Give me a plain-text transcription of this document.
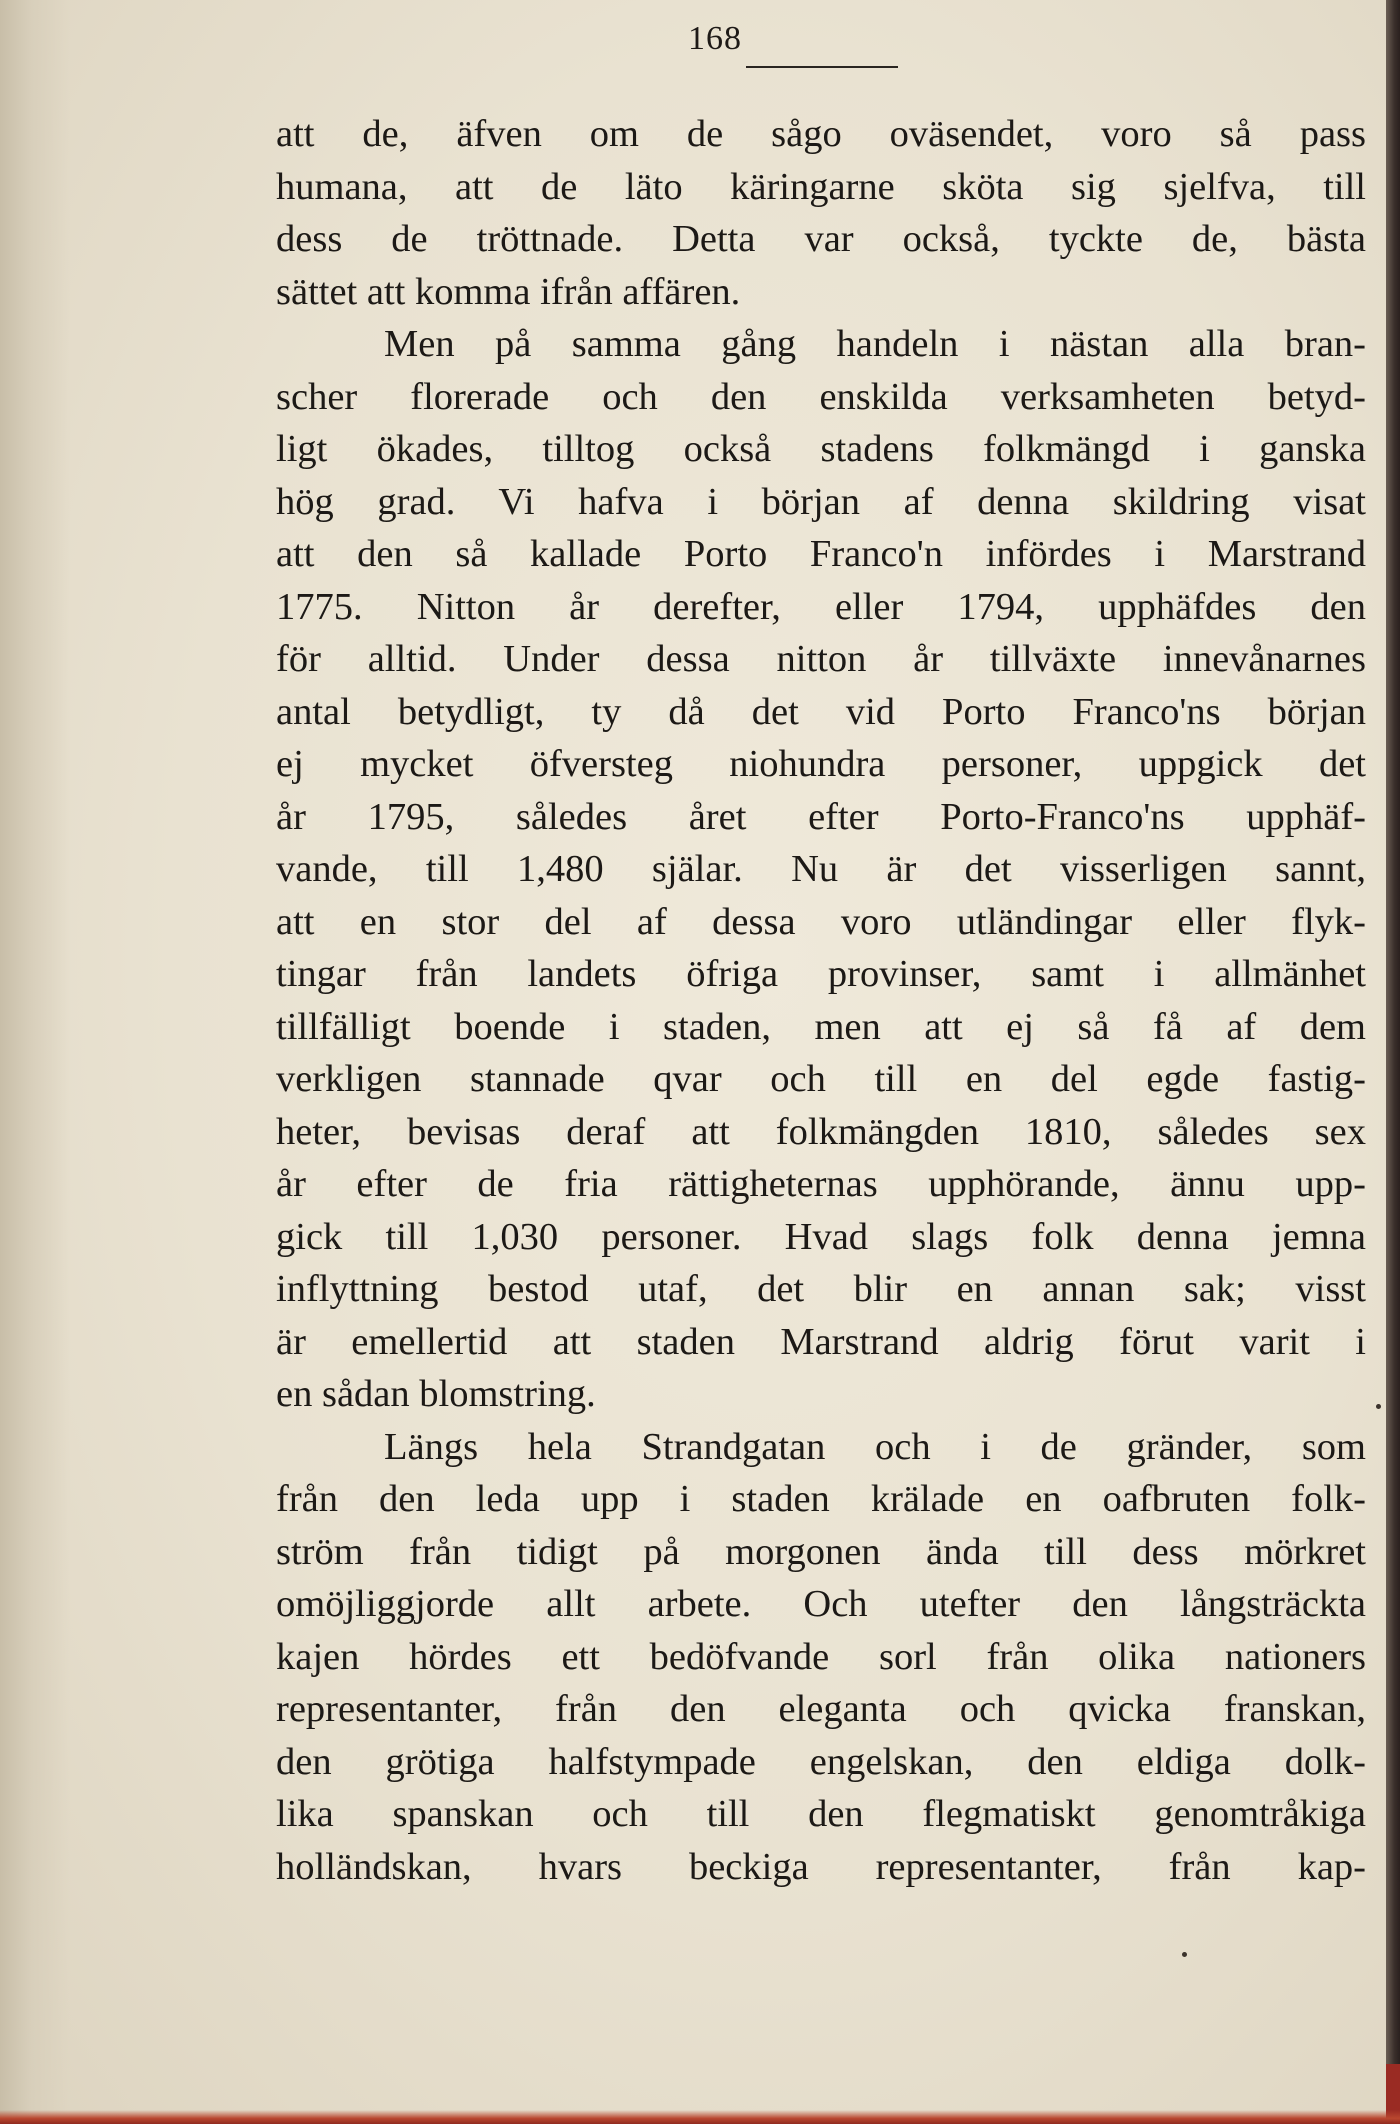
168
att de, äfven om de sågo oväsendet, voro så pass
humana, att de läto käringarne sköta sig sjelfva, till
dess de tröttnade. Detta var också, tyckte de, bästa
sättet att komma ifrån affären.
Men på samma gång handeln i nästan alla bran-
scher florerade och den enskilda verksamheten betyd-
ligt ökades, tilltog också stadens folkmängd i ganska
hög grad. Vi hafva i början af denna skildring visat
att den så kallade Porto Franco'n infördes i Marstrand
1775. Nitton år derefter, eller 1794, upphäfdes den
för alltid. Under dessa nitton år tillväxte innevånarnes
antal betydligt, ty då det vid Porto Franco'ns början
ej mycket öfversteg niohundra personer, uppgick det
år 1795, således året efter Porto-Franco'ns upphäf-
vande, till 1,480 själar. Nu är det visserligen sannt,
att en stor del af dessa voro utländingar eller flyk-
tingar från landets öfriga provinser, samt i allmänhet
tillfälligt boende i staden, men att ej så få af dem
verkligen stannade qvar och till en del egde fastig-
heter, bevisas deraf att folkmängden 1810, således sex
år efter de fria rättigheternas upphörande, ännu upp-
gick till 1,030 personer. Hvad slags folk denna jemna
inflyttning bestod utaf, det blir en annan sak; visst
är emellertid att staden Marstrand aldrig förut varit i
en sådan blomstring.
Längs hela Strandgatan och i de gränder, som
från den leda upp i staden krälade en oafbruten folk-
ström från tidigt på morgonen ända till dess mörkret
omöjliggjorde allt arbete. Och utefter den långsträckta
kajen hördes ett bedöfvande sorl från olika nationers
representanter, från den eleganta och qvicka franskan,
den grötiga halfstympade engelskan, den eldiga dolk-
lika spanskan och till den flegmatiskt genomtråkiga
holländskan, hvars beckiga representanter, från kap-
